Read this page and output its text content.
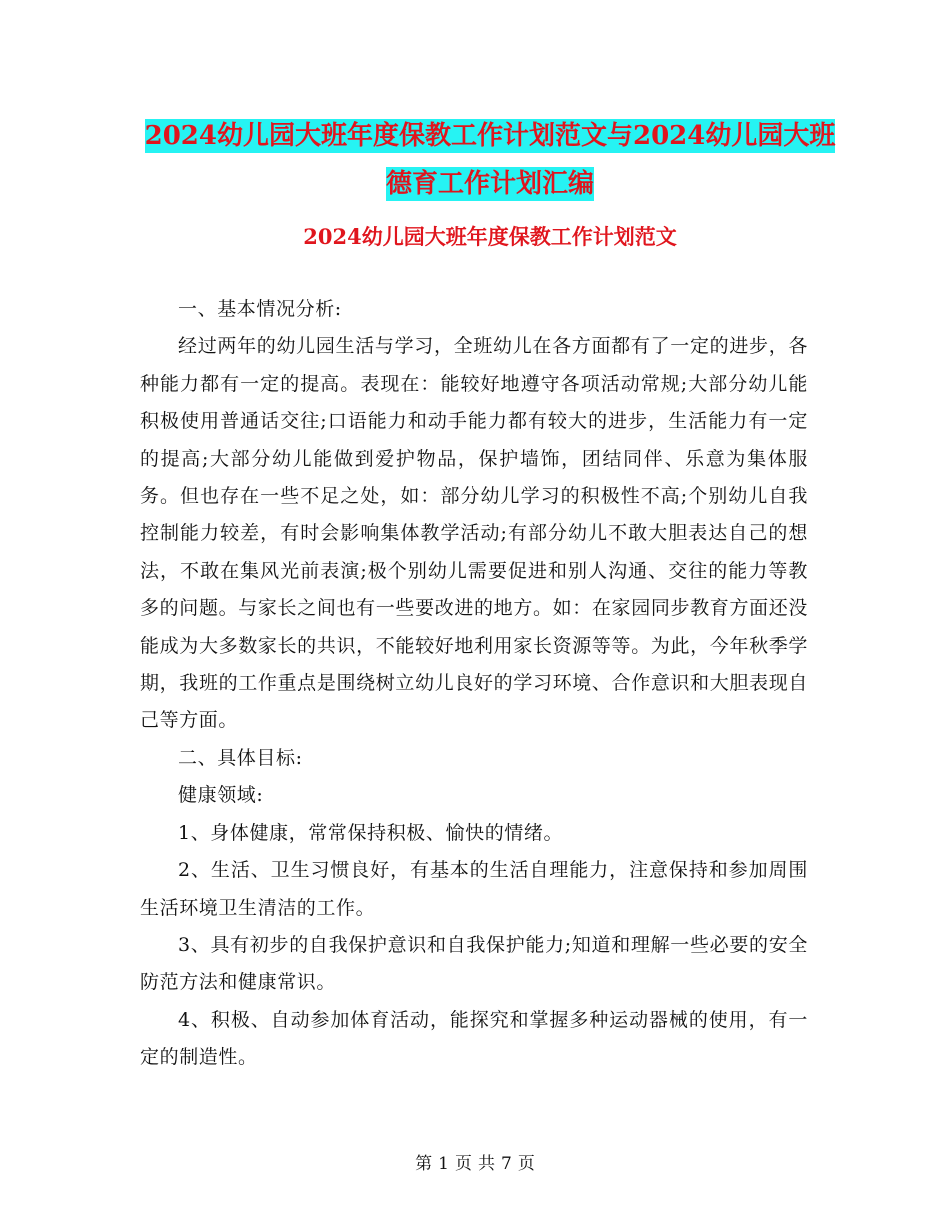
2024幼儿园大班年度保教工作计划范文与2024幼儿园大班德育工作计划汇编
2024幼儿园大班年度保教工作计划范文

一、基本情况分析:

经过两年的幼儿园生活与学习，全班幼儿在各方面都有了一定的进步，各种能力都有一定的提高。表现在：能较好地遵守各项活动常规;大部分幼儿能积极使用普通话交往;口语能力和动手能力都有较大的进步，生活能力有一定的提高;大部分幼儿能做到爱护物品，保护墙饰，团结同伴、乐意为集体服务。但也存在一些不足之处，如：部分幼儿学习的积极性不高;个别幼儿自我控制能力较差，有时会影响集体教学活动;有部分幼儿不敢大胆表达自己的想法，不敢在集风光前表演;极个别幼儿需要促进和别人沟通、交往的能力等教多的问题。与家长之间也有一些要改进的地方。如：在家园同步教育方面还没能成为大多数家长的共识，不能较好地利用家长资源等等。为此，今年秋季学期，我班的工作重点是围绕树立幼儿良好的学习环境、合作意识和大胆表现自己等方面。

二、具体目标:

健康领域:

1、身体健康，常常保持积极、愉快的情绪。

2、生活、卫生习惯良好，有基本的生活自理能力，注意保持和参加周围生活环境卫生清洁的工作。

3、具有初步的自我保护意识和自我保护能力;知道和理解一些必要的安全防范方法和健康常识。

4、积极、自动参加体育活动，能探究和掌握多种运动器械的使用，有一定的制造性。

第 1 页 共 7 页
